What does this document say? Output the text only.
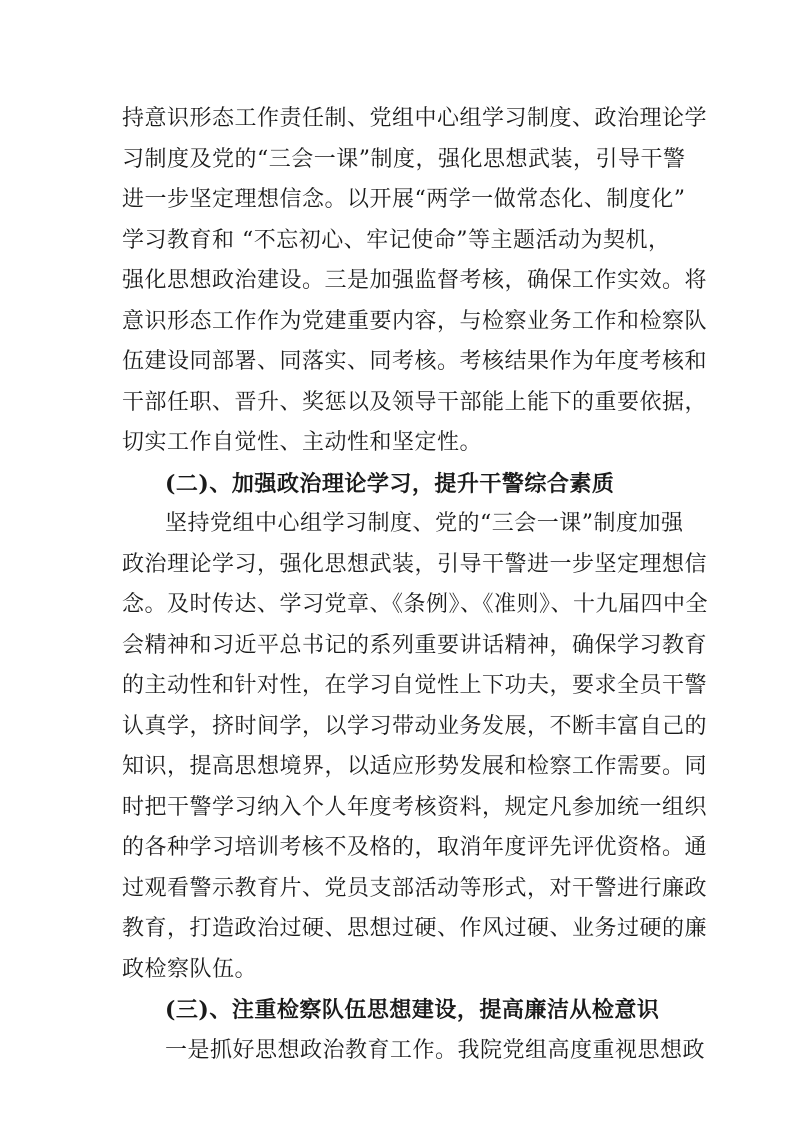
持意识形态工作责任制、党组中心组学习制度、政治理论学
习制度及党的“三会一课”制度，强化思想武装，引导干警
进一步坚定理想信念。以开展“两学一做常态化、制度化”
学习教育和 “不忘初心、牢记使命”等主题活动为契机，
强化思想政治建设。三是加强监督考核，确保工作实效。将
意识形态工作作为党建重要内容，与检察业务工作和检察队
伍建设同部署、同落实、同考核。考核结果作为年度考核和
干部任职、晋升、奖惩以及领导干部能上能下的重要依据，
切实工作自觉性、主动性和坚定性。
(二)、加强政治理论学习，提升干警综合素质
坚持党组中心组学习制度、党的“三会一课”制度加强
政治理论学习，强化思想武装，引导干警进一步坚定理想信
念。及时传达、学习党章、《条例》、《准则》、十九届四中全
会精神和习近平总书记的系列重要讲话精神，确保学习教育
的主动性和针对性，在学习自觉性上下功夫，要求全员干警
认真学，挤时间学，以学习带动业务发展，不断丰富自己的
知识，提高思想境界，以适应形势发展和检察工作需要。同
时把干警学习纳入个人年度考核资料，规定凡参加统一组织
的各种学习培训考核不及格的，取消年度评先评优资格。通
过观看警示教育片、党员支部活动等形式，对干警进行廉政
教育，打造政治过硬、思想过硬、作风过硬、业务过硬的廉
政检察队伍。
(三)、注重检察队伍思想建设，提高廉洁从检意识
一是抓好思想政治教育工作。我院党组高度重视思想政
